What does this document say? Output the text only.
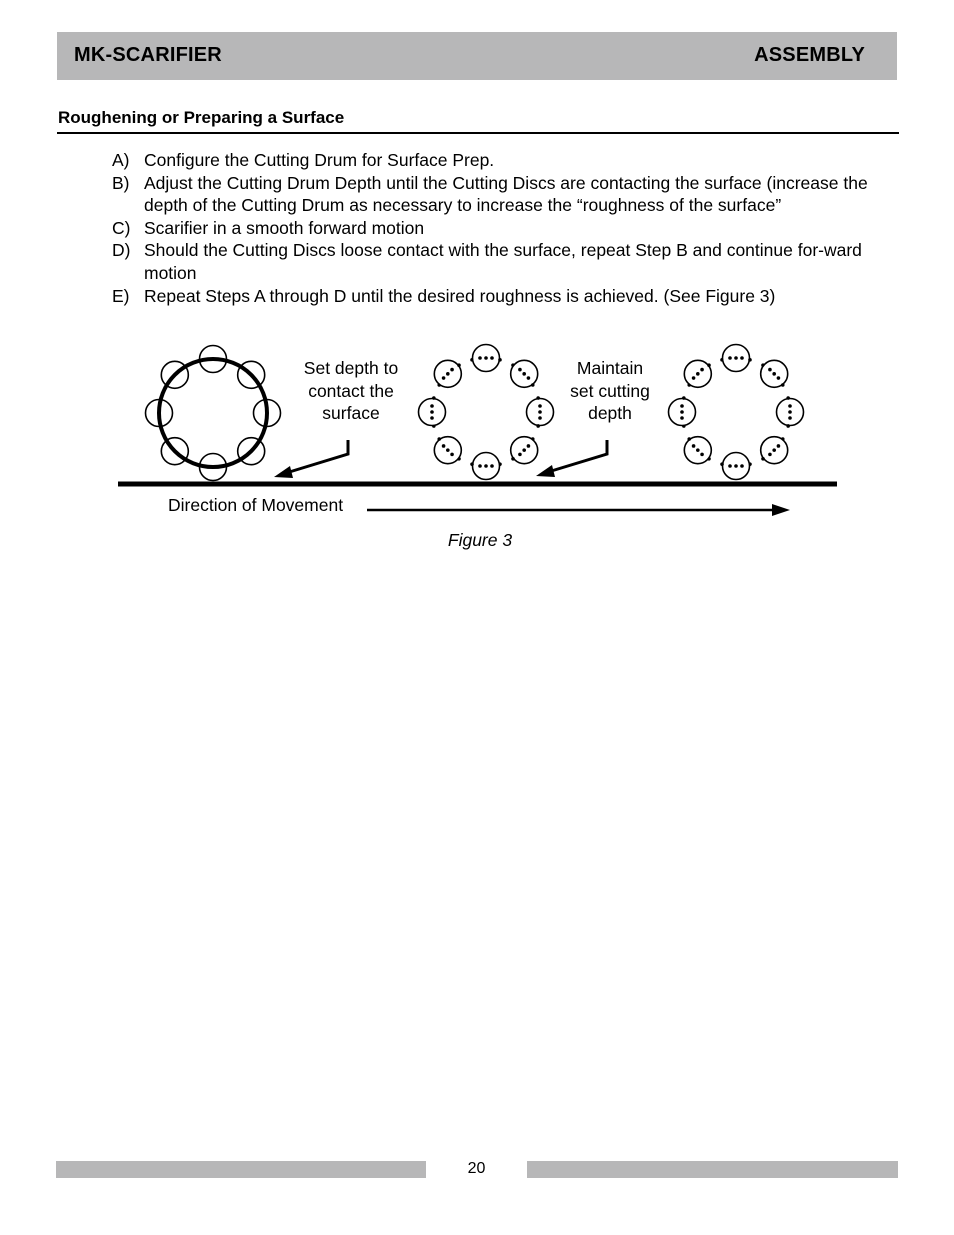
MK-SCARIFIER	ASSEMBLY
Roughening or Preparing a Surface
A) Configure the Cutting Drum for Surface Prep.
B) Adjust the Cutting Drum Depth until the Cutting Discs are contacting the surface (increase the depth of the Cutting Drum as necessary to increase the “roughness of the surface”
C) Scarifier in a smooth forward motion
D) Should the Cutting Discs loose contact with the surface, repeat Step B and continue for-ward motion
E) Repeat Steps A through D until the desired roughness is achieved. (See Figure 3)
Set depth to
contact the
surface
Maintain
set cutting
depth
Direction of Movement
Figure 3
20
